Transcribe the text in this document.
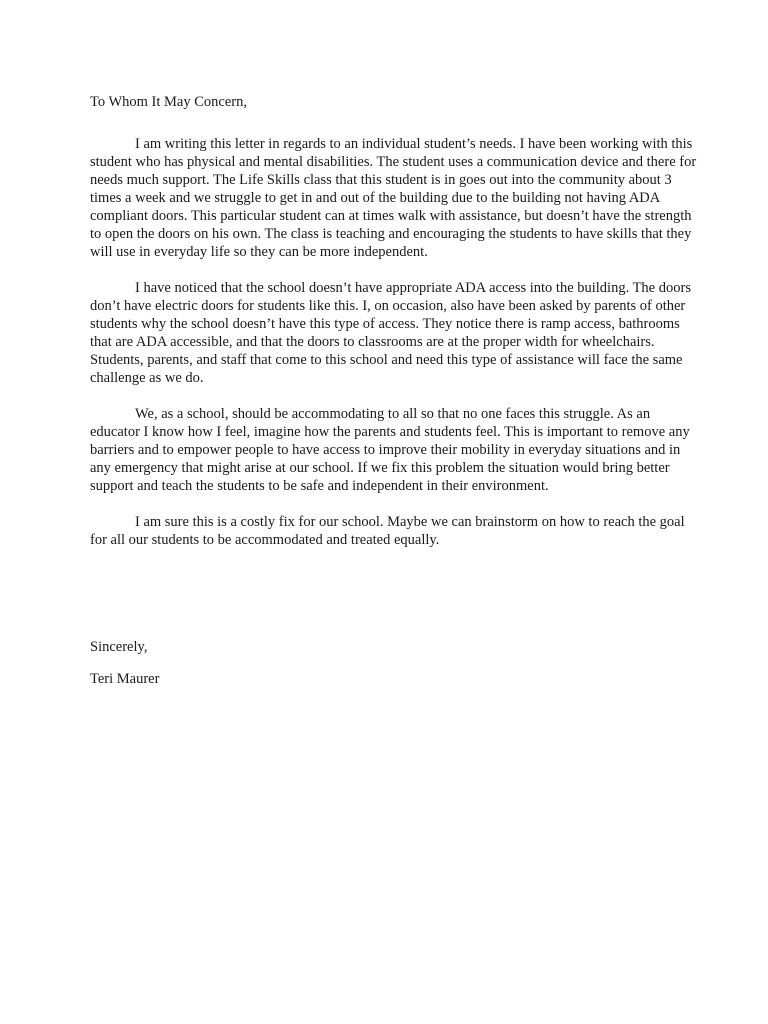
To Whom It May Concern,

I am writing this letter in regards to an individual student’s needs. I have been working with this student who has physical and mental disabilities. The student uses a communication device and there for needs much support. The Life Skills class that this student is in goes out into the community about 3 times a week and we struggle to get in and out of the building due to the building not having ADA compliant doors. This particular student can at times walk with assistance, but doesn’t have the strength to open the doors on his own. The class is teaching and encouraging the students to have skills that they will use in everyday life so they can be more independent.

I have noticed that the school doesn’t have appropriate ADA access into the building. The doors don’t have electric doors for students like this. I, on occasion, also have been asked by parents of other students why the school doesn’t have this type of access. They notice there is ramp access, bathrooms that are ADA accessible, and that the doors to classrooms are at the proper width for wheelchairs. Students, parents, and staff that come to this school and need this type of assistance will face the same challenge as we do.

We, as a school, should be accommodating to all so that no one faces this struggle. As an educator I know how I feel, imagine how the parents and students feel. This is important to remove any barriers and to empower people to have access to improve their mobility in everyday situations and in any emergency that might arise at our school. If we fix this problem the situation would bring better support and teach the students to be safe and independent in their environment.

I am sure this is a costly fix for our school. Maybe we can brainstorm on how to reach the goal for all our students to be accommodated and treated equally.

Sincerely,

Teri Maurer
